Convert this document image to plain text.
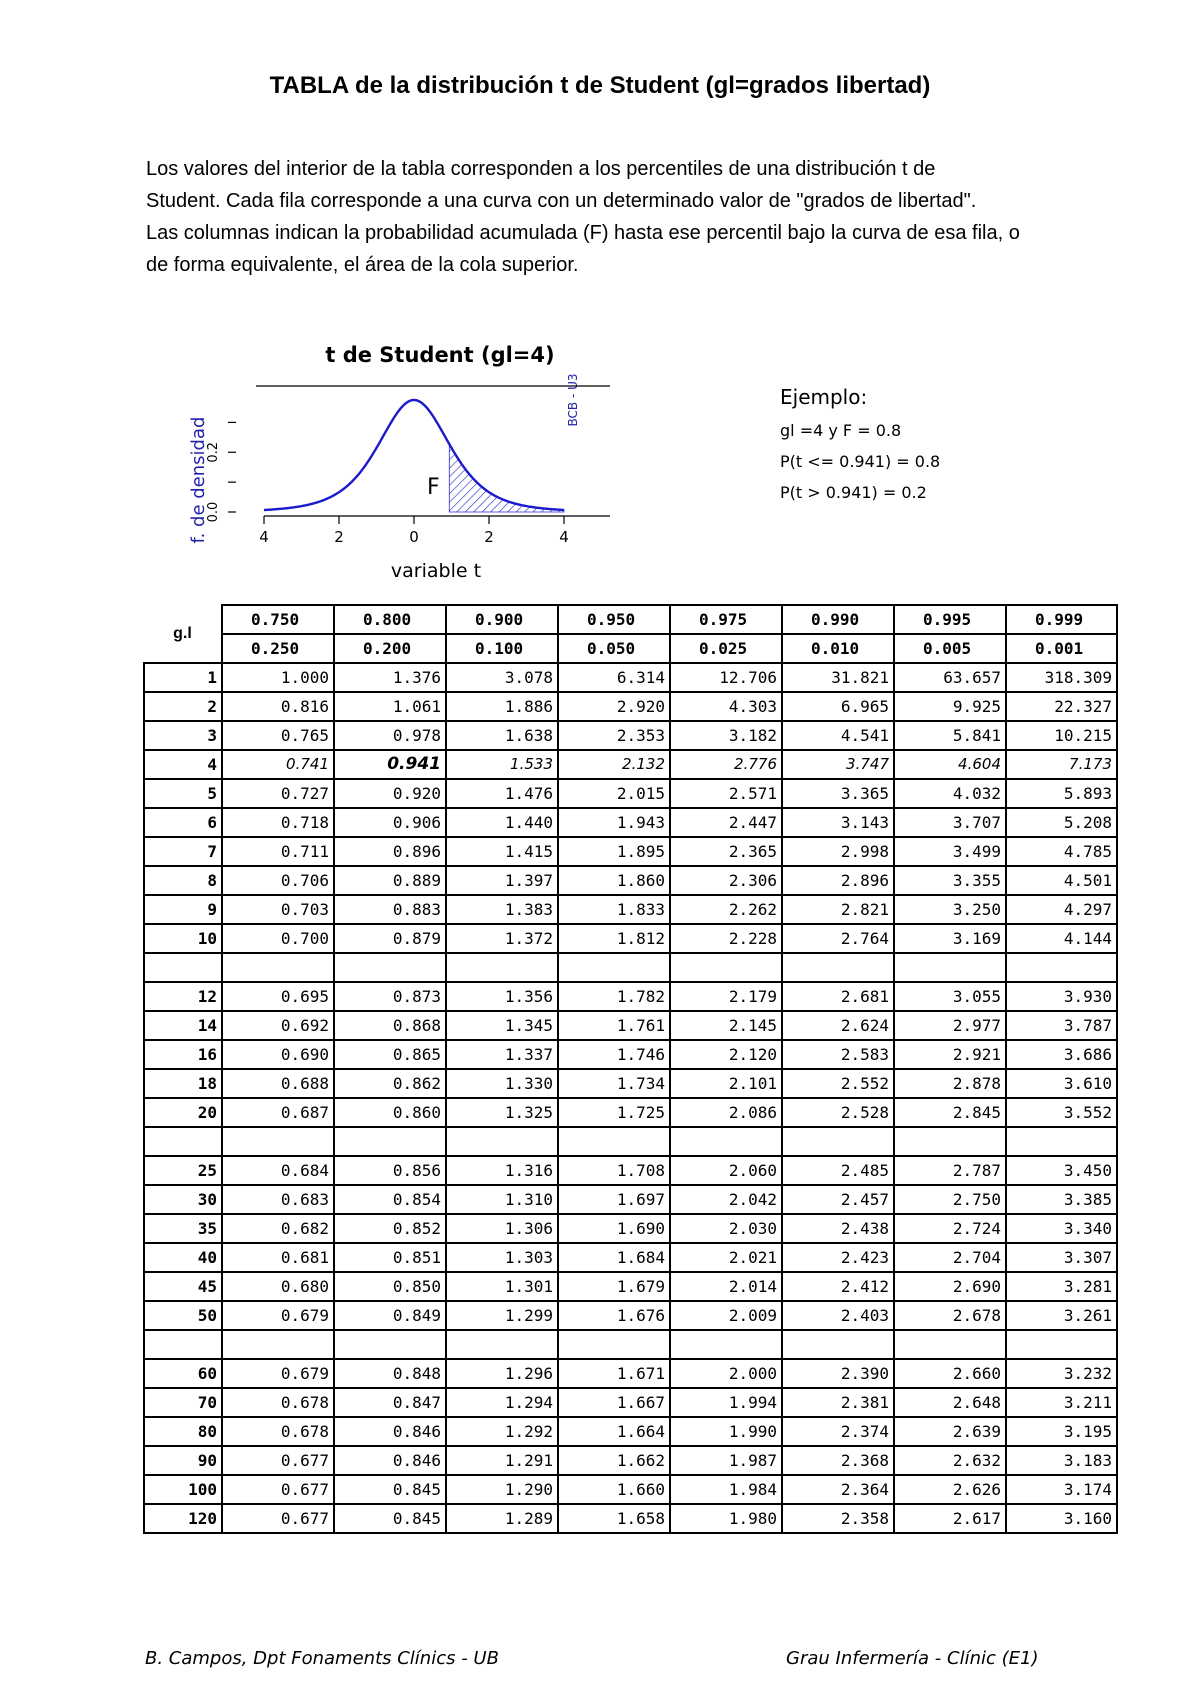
TABLA de la distribución t de Student (gl=grados libertad)

Los valores del interior de la tabla corresponden a los percentiles de una distribución t de

Student. Cada fila corresponde a una curva con un determinado valor de "grados de libertad".

Las columnas indican la probabilidad acumulada (F) hasta ese percentil bajo la curva de esa fila, o

de forma equivalente, el área de la cola superior.

t de Student (gl=4)
f. de densidad
BCB - U3
F
4	2	0	2	4
0.0
0.2
variable t
Ejemplo:
gl =4 y F = 0.8
P(t <= 0.941) = 0.8
P(t > 0.941) = 0.2
g.l	0.750	0.800	0.900	0.950	0.975	0.990	0.995	0.999
	0.250	0.200	0.100	0.050	0.025	0.010	0.005	0.001
1	1.000	1.376	3.078	6.314	12.706	31.821	63.657	318.309
2	0.816	1.061	1.886	2.920	4.303	6.965	9.925	22.327
3	0.765	0.978	1.638	2.353	3.182	4.541	5.841	10.215
4	0.741	0.941	1.533	2.132	2.776	3.747	4.604	7.173
5	0.727	0.920	1.476	2.015	2.571	3.365	4.032	5.893
6	0.718	0.906	1.440	1.943	2.447	3.143	3.707	5.208
7	0.711	0.896	1.415	1.895	2.365	2.998	3.499	4.785
8	0.706	0.889	1.397	1.860	2.306	2.896	3.355	4.501
9	0.703	0.883	1.383	1.833	2.262	2.821	3.250	4.297
10	0.700	0.879	1.372	1.812	2.228	2.764	3.169	4.144

12	0.695	0.873	1.356	1.782	2.179	2.681	3.055	3.930
14	0.692	0.868	1.345	1.761	2.145	2.624	2.977	3.787
16	0.690	0.865	1.337	1.746	2.120	2.583	2.921	3.686
18	0.688	0.862	1.330	1.734	2.101	2.552	2.878	3.610
20	0.687	0.860	1.325	1.725	2.086	2.528	2.845	3.552

25	0.684	0.856	1.316	1.708	2.060	2.485	2.787	3.450
30	0.683	0.854	1.310	1.697	2.042	2.457	2.750	3.385
35	0.682	0.852	1.306	1.690	2.030	2.438	2.724	3.340
40	0.681	0.851	1.303	1.684	2.021	2.423	2.704	3.307
45	0.680	0.850	1.301	1.679	2.014	2.412	2.690	3.281
50	0.679	0.849	1.299	1.676	2.009	2.403	2.678	3.261

60	0.679	0.848	1.296	1.671	2.000	2.390	2.660	3.232
70	0.678	0.847	1.294	1.667	1.994	2.381	2.648	3.211
80	0.678	0.846	1.292	1.664	1.990	2.374	2.639	3.195
90	0.677	0.846	1.291	1.662	1.987	2.368	2.632	3.183
100	0.677	0.845	1.290	1.660	1.984	2.364	2.626	3.174
120	0.677	0.845	1.289	1.658	1.980	2.358	2.617	3.160
B. Campos, Dpt Fonaments Clínics - UB	Grau Infermería - Clínic (E1)
